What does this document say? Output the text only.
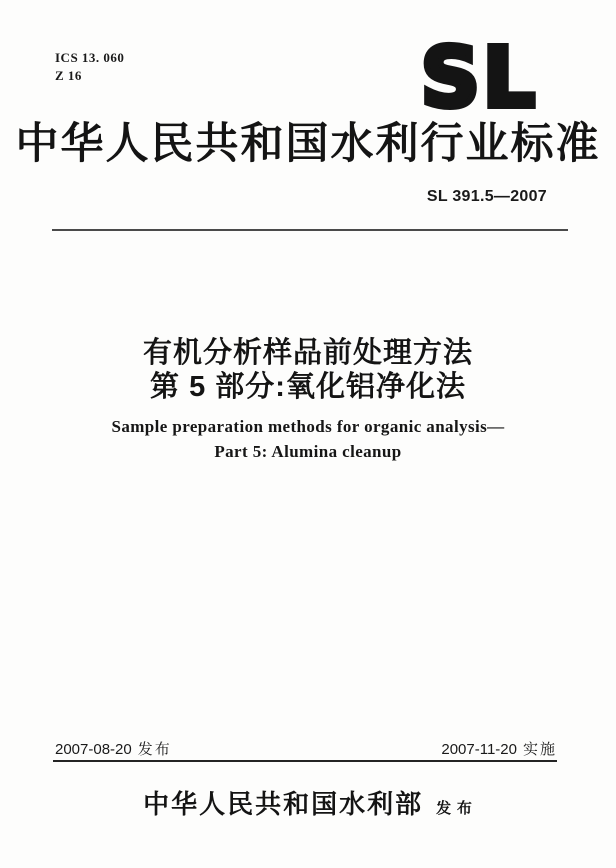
ICS 13. 060
Z 16	SL
中华人民共和国水利行业标准
SL 391.5—2007
有机分析样品前处理方法
第 5 部分:氧化铝净化法
Sample preparation methods for organic analysis—
Part 5: Alumina cleanup
2007-08-20 发布	2007-11-20 实施
中华人民共和国水利部 发 布
